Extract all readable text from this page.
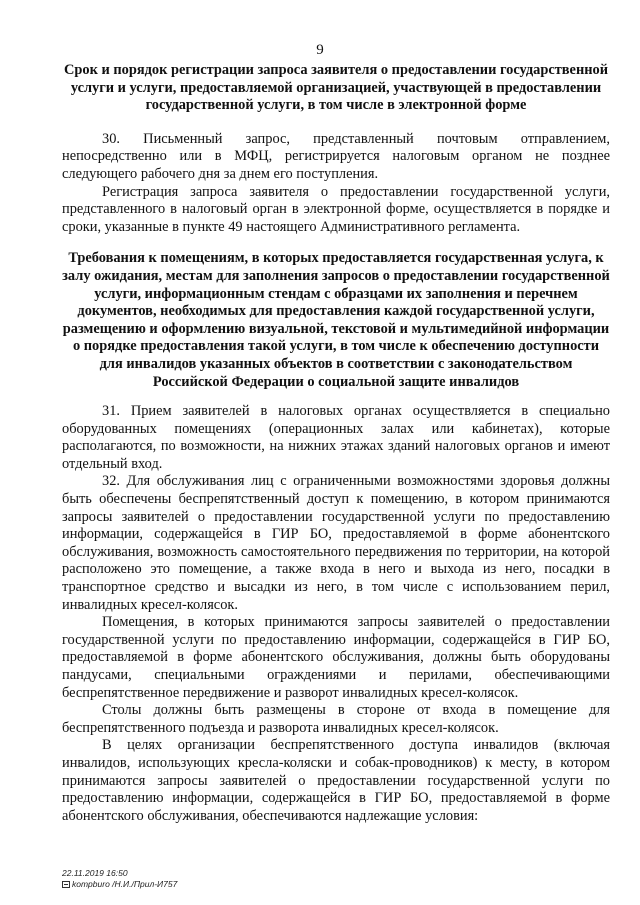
9

Срок и порядок регистрации запроса заявителя о предоставлении государственной услуги и услуги, предоставляемой организацией, участвующей в предоставлении государственной услуги, в том числе в электронной форме

30. Письменный запрос, представленный почтовым отправлением, непосредственно или в МФЦ, регистрируется налоговым органом не позднее следующего рабочего дня за днем его поступления.

Регистрация запроса заявителя о предоставлении государственной услуги, представленного в налоговый орган в электронной форме, осуществляется в порядке и сроки, указанные в пункте 49 настоящего Административного регламента.

Требования к помещениям, в которых предоставляется государственная услуга, к залу ожидания, местам для заполнения запросов о предоставлении государственной услуги, информационным стендам с образцами их заполнения и перечнем документов, необходимых для предоставления каждой государственной услуги, размещению и оформлению визуальной, текстовой и мультимедийной информации о порядке предоставления такой услуги, в том числе к обеспечению доступности для инвалидов указанных объектов в соответствии с законодательством Российской Федерации о социальной защите инвалидов

31. Прием заявителей в налоговых органах осуществляется в специально оборудованных помещениях (операционных залах или кабинетах), которые располагаются, по возможности, на нижних этажах зданий налоговых органов и имеют отдельный вход.

32. Для обслуживания лиц с ограниченными возможностями здоровья должны быть обеспечены беспрепятственный доступ к помещению, в котором принимаются запросы заявителей о предоставлении государственной услуги по предоставлению информации, содержащейся в ГИР БО, предоставляемой в форме абонентского обслуживания, возможность самостоятельного передвижения по территории, на которой расположено это помещение, а также входа в него и выхода из него, посадки в транспортное средство и высадки из него, в том числе с использованием перил, инвалидных кресел-колясок.

Помещения, в которых принимаются запросы заявителей о предоставлении государственной услуги по предоставлению информации, содержащейся в ГИР БО, предоставляемой в форме абонентского обслуживания, должны быть оборудованы пандусами, специальными ограждениями и перилами, обеспечивающими беспрепятственное передвижение и разворот инвалидных кресел-колясок.

Столы должны быть размещены в стороне от входа в помещение для беспрепятственного подъезда и разворота инвалидных кресел-колясок.

В целях организации беспрепятственного доступа инвалидов (включая инвалидов, использующих кресла-коляски и собак-проводников) к месту, в котором принимаются запросы заявителей о предоставлении государственной услуги по предоставлению информации, содержащейся в ГИР БО, предоставляемой в форме абонентского обслуживания, обеспечиваются надлежащие условия:

22.11.2019 16:50
kompburo /Н.И./Прил-И757
